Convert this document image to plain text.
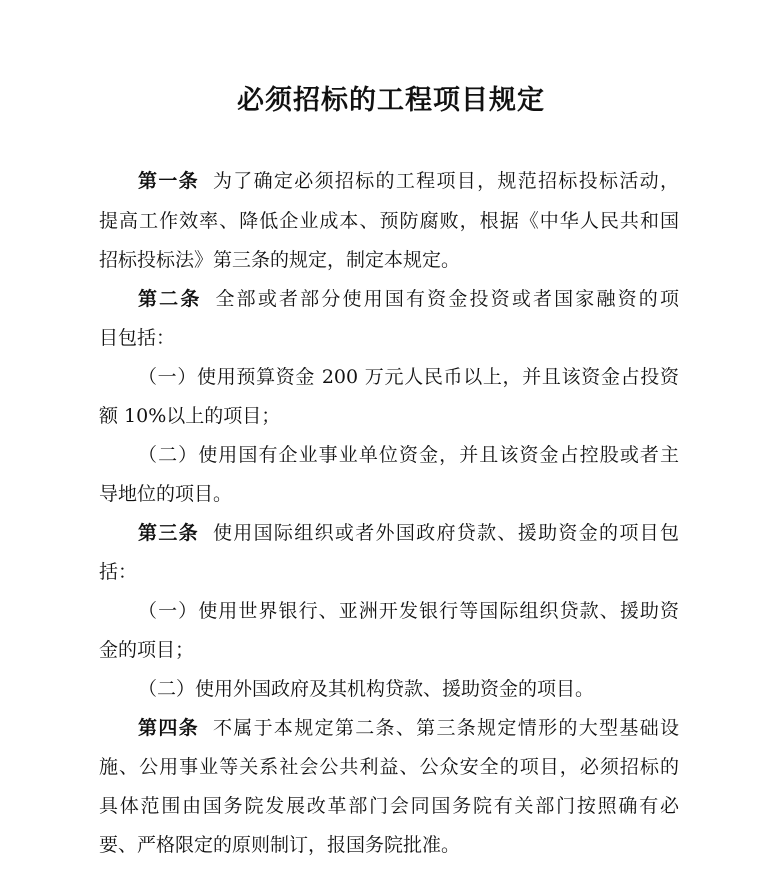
必须招标的工程项目规定

第一条 为了确定必须招标的工程项目，规范招标投标活动，

提高工作效率、降低企业成本、预防腐败，根据《中华人民共和国

招标投标法》第三条的规定，制定本规定。

第二条 全部或者部分使用国有资金投资或者国家融资的项

目包括：

（一）使用预算资金 200 万元人民币以上，并且该资金占投资

额 10%以上的项目；

（二）使用国有企业事业单位资金，并且该资金占控股或者主

导地位的项目。

第三条 使用国际组织或者外国政府贷款、援助资金的项目包

括：

（一）使用世界银行、亚洲开发银行等国际组织贷款、援助资

金的项目；

（二）使用外国政府及其机构贷款、援助资金的项目。

第四条 不属于本规定第二条、第三条规定情形的大型基础设

施、公用事业等关系社会公共利益、公众安全的项目，必须招标的

具体范围由国务院发展改革部门会同国务院有关部门按照确有必

要、严格限定的原则制订，报国务院批准。
